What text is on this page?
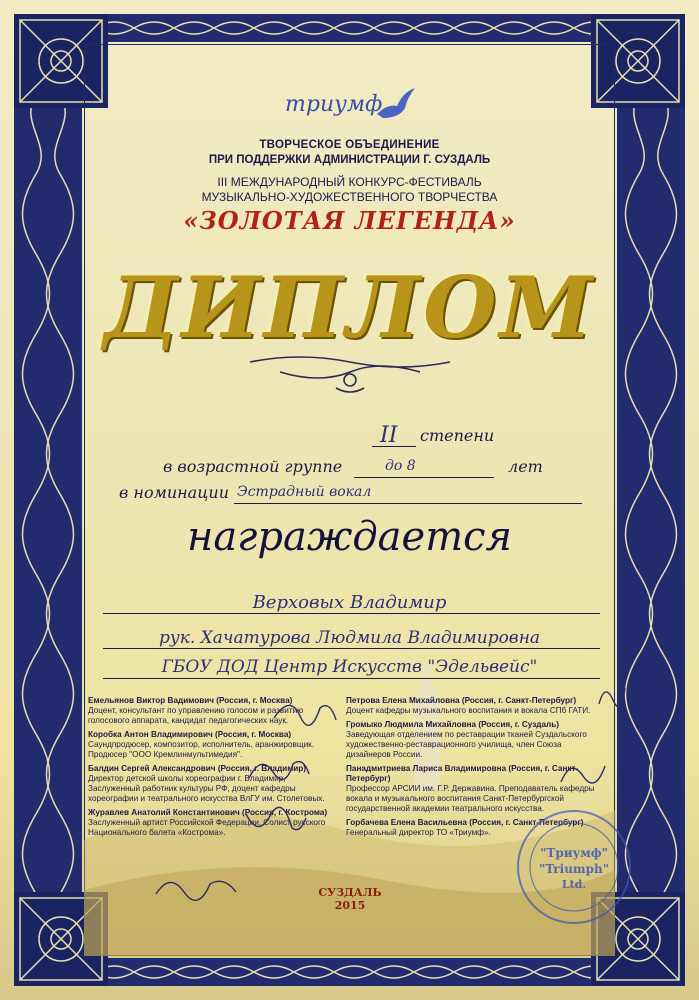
триумф
ТВОРЧЕСКОЕ ОБЪЕДИНЕНИЕ
ПРИ ПОДДЕРЖКИ АДМИНИСТРАЦИИ Г. СУЗДАЛЬ
III МЕЖДУНАРОДНЫЙ КОНКУРС-ФЕСТИВАЛЬ
МУЗЫКАЛЬНО-ХУДОЖЕСТВЕННОГО ТВОРЧЕСТВА
«ЗОЛОТАЯ ЛЕГЕНДА»
ДИПЛОМ
II степени
в возрастной группе	до 8	лет
в номинации Эстрадный вокал
награждается
Верховых Владимир
рук. Хачатурова Людмила Владимировна
ГБОУ ДОД Центр Искусств "Эдельвейс"
Емельянов Виктор Вадимович (Россия, г. Москва)
Доцент, консультант по управлению голосом и развитию голосового аппарата, кандидат педагогических наук.
Коробка Антон Владимирович (Россия, г. Москва)
Саундпродюсер, композитор, исполнитель, аранжировщик. Продюсер "ООО Кремлинмультимедия".
Балдин Сергей Александрович (Россия, г. Владимир)
Директор детской школы хореографии г. Владимир, Заслуженный работник культуры РФ, доцент кафедры хореографии и театрального искусства ВлГУ им. Столетовых.
Журавлев Анатолий Константинович (Россия, г. Кострома)
Заслуженный артист Российской Федерации. Солист русского Национального балета «Кострома».
Петрова Елена Михайловна (Россия, г. Санкт-Петербург)
Доцент кафедры музыкального воспитания и вокала СПб ГАТИ.
Громыко Людмила Михайловна (Россия, г. Суздаль)
Заведующая отделением по реставрации тканей Суздальского художественно-реставрационного училища, член Союза дизайнеров России.
Панадмитриева Лариса Владимировна (Россия, г. Санкт-Петербург)
Профессор АРСИИ им. Г.Р. Державина. Преподаватель кафедры вокала и музыкального воспитания Санкт-Петербургской государственной академии театрального искусства.
Горбачева Елена Васильевна (Россия, г. Санкт-Петербург)
Генеральный директор ТО «Триумф».
СУЗДАЛЬ
2015
"Триумф"
"Triumph"
Ltd.
